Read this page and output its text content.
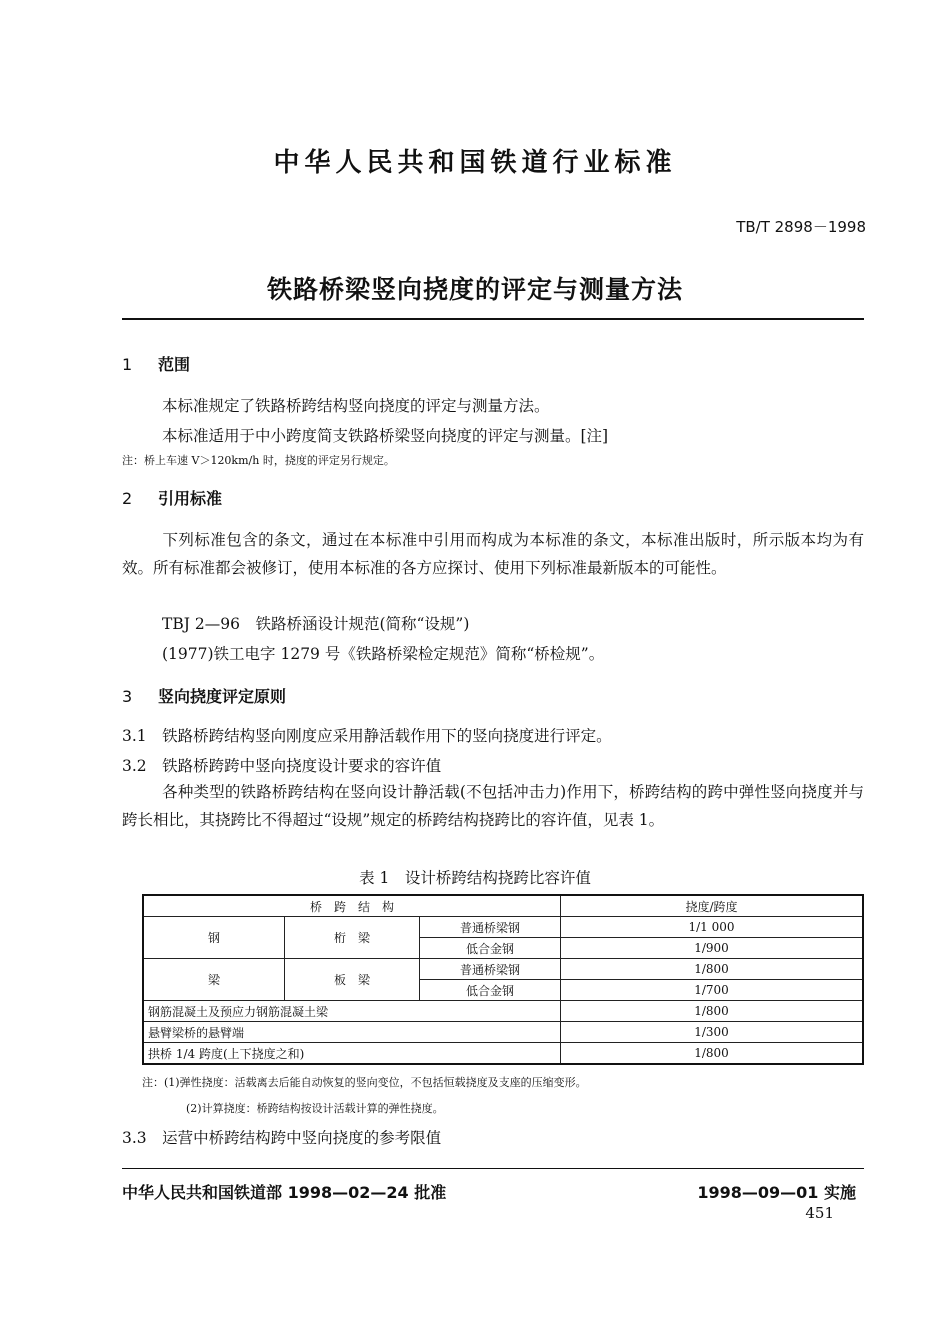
中华人民共和国铁道行业标准
TB/T 2898－1998
铁路桥梁竖向挠度的评定与测量方法
1 范围
本标准规定了铁路桥跨结构竖向挠度的评定与测量方法。
本标准适用于中小跨度简支铁路桥梁竖向挠度的评定与测量。[注]
注：桥上车速 V＞120km/h 时，挠度的评定另行规定。
2 引用标准
下列标准包含的条文，通过在本标准中引用而构成为本标准的条文，本标准出版时，所示版本均为有效。所有标准都会被修订，使用本标准的各方应探讨、使用下列标准最新版本的可能性。
TBJ 2—96　铁路桥涵设计规范(简称“设规”)
(1977)铁工电字 1279 号《铁路桥梁检定规范》简称“桥检规”。
3 竖向挠度评定原则
3.1　铁路桥跨结构竖向刚度应采用静活载作用下的竖向挠度进行评定。
3.2　铁路桥跨跨中竖向挠度设计要求的容许值
各种类型的铁路桥跨结构在竖向设计静活载(不包括冲击力)作用下，桥跨结构的跨中弹性竖向挠度并与跨长相比，其挠跨比不得超过“设规”规定的桥跨结构挠跨比的容许值，见表 1。
表 1　设计桥跨结构挠跨比容许值
桥　跨　结　构			挠度/跨度
钢	桁　梁	普通桥梁钢	1/1 000
		低合金钢	1/900
梁	板　梁	普通桥梁钢	1/800
		低合金钢	1/700
钢筋混凝土及预应力钢筋混凝土梁			1/800
悬臂梁桥的悬臂端			1/300
拱桥 1/4 跨度(上下挠度之和)			1/800
注：(1)弹性挠度：活载离去后能自动恢复的竖向变位，不包括恒载挠度及支座的压缩变形。
(2)计算挠度：桥跨结构按设计活载计算的弹性挠度。
3.3　运营中桥跨结构跨中竖向挠度的参考限值
中华人民共和国铁道部 1998—02—24 批准	1998—09—01 实施
451
